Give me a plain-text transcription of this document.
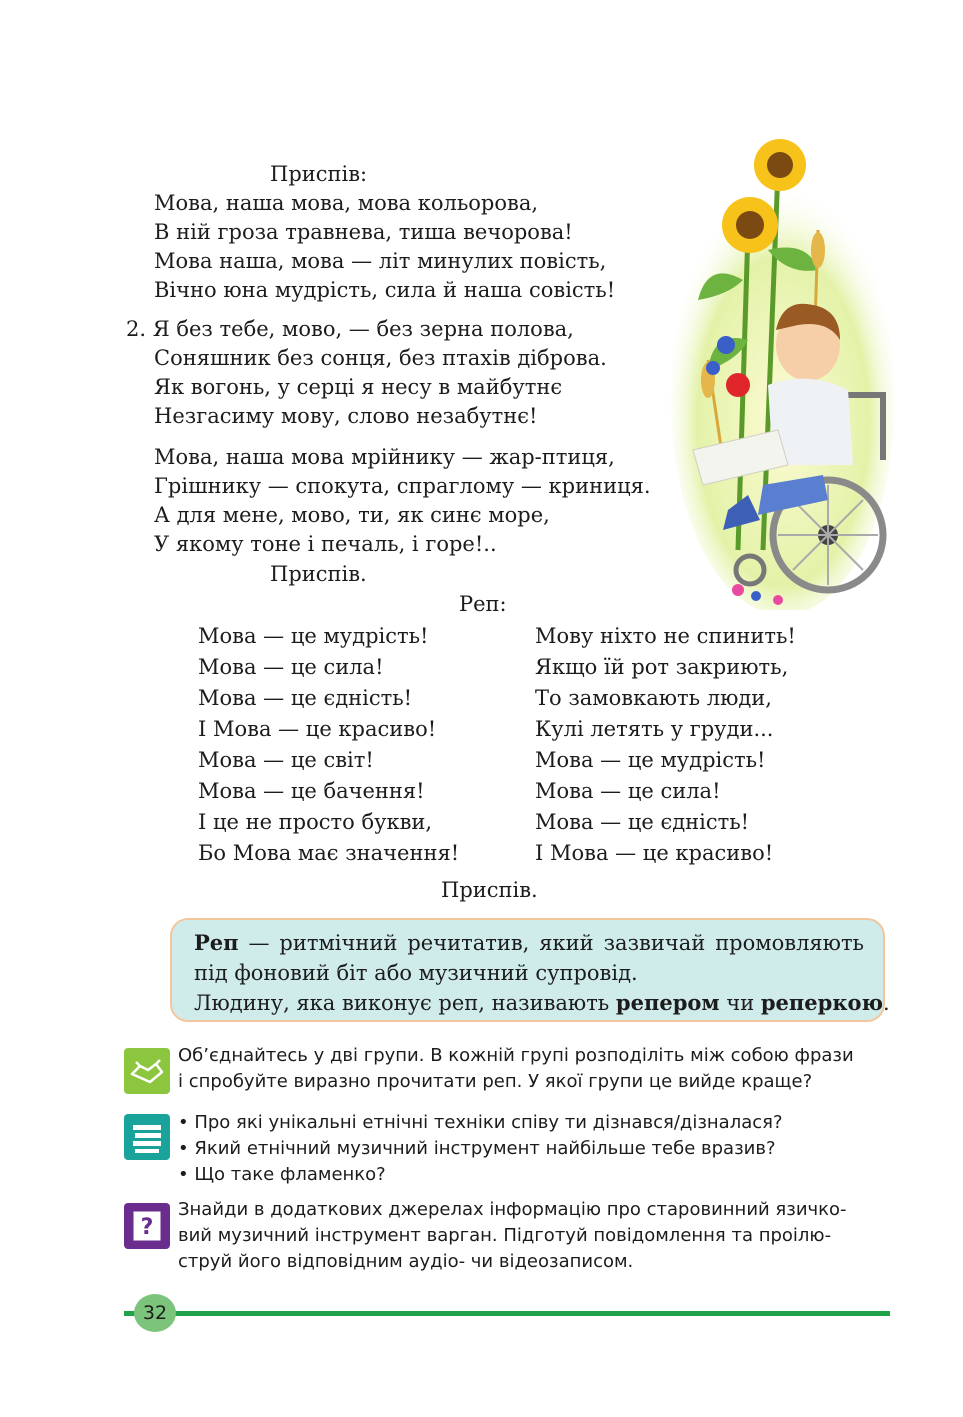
Приспів:
Мова, наша мова, мова кольорова,
В ній гроза травнева, тиша вечорова!
Мова наша, мова — літ минулих повість,
Вічно юна мудрість, сила й наша совість!
2. Я без тебе, мово, — без зерна полова,
Соняшник без сонця, без птахів діброва.
Як вогонь, у серці я несу в майбутнє
Незгасиму мову, слово незабутнє!
Мова, наша мова мрійнику — жар-птиця,
Грішнику — спокута, спраглому — криниця.
А для мене, мово, ти, як синє море,
У якому тоне і печаль, і горе!..
Приспів.
Реп:
Мова — це мудрість!
Мова — це сила!
Мова — це єдність!
І Мова — це красиво!
Мова — це світ!
Мова — це бачення!
І це не просто букви,
Бо Мова має значення!
Мову ніхто не спинить!
Якщо їй рот закриють,
То замовкають люди,
Кулі летять у груди...
Мова — це мудрість!
Мова — це сила!
Мова — це єдність!
І Мова — це красиво!
Приспів.
Реп — ритмічний речитатив, який зазвичай промовляють
під фоновий біт або музичний супровід.
Людину, яка виконує реп, називають репером чи реперкою.
Об’єднайтесь у дві групи. В кожній групі розподіліть між собою фрази
і спробуйте виразно прочитати реп. У якої групи це вийде краще?
• Про які унікальні етнічні техніки співу ти дізнався/дізналася?
• Який етнічний музичний інструмент найбільше тебе вразив?
• Що таке фламенко?
?
Знайди в додаткових джерелах інформацію про старовинний язичко-
вий музичний інструмент варган. Підготуй повідомлення та проілю-
струй його відповідним аудіо- чи відеозаписом.
32
